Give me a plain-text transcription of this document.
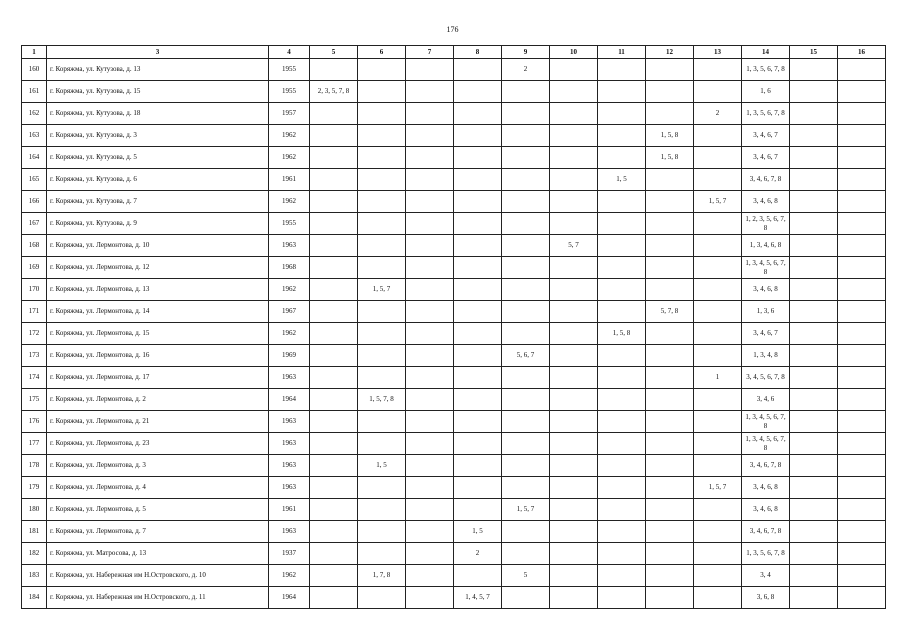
176
1	3	4	5	6	7	8	9	10	11	12	13	14	15	16
160	г. Коряжма, ул. Кутузова, д. 13	1955					2					1, 3, 5, 6, 7, 8		
161	г. Коряжма, ул. Кутузова, д. 15	1955	2, 3, 5, 7, 8									1, 6		
162	г. Коряжма, ул. Кутузова, д. 18	1957									2	1, 3, 5, 6, 7, 8		
163	г. Коряжма, ул. Кутузова, д. 3	1962								1, 5, 8		3, 4, 6, 7		
164	г. Коряжма, ул. Кутузова, д. 5	1962								1, 5, 8		3, 4, 6, 7		
165	г. Коряжма, ул. Кутузова, д. 6	1961							1, 5			3, 4, 6, 7, 8		
166	г. Коряжма, ул. Кутузова, д. 7	1962									1, 5, 7	3, 4, 6, 8		
167	г. Коряжма, ул. Кутузова, д. 9	1955										1, 2, 3, 5, 6, 7, 8		
168	г. Коряжма, ул. Лермонтова, д. 10	1963						5, 7				1, 3, 4, 6, 8		
169	г. Коряжма, ул. Лермонтова, д. 12	1968										1, 3, 4, 5, 6, 7, 8		
170	г. Коряжма, ул. Лермонтова, д. 13	1962		1, 5, 7								3, 4, 6, 8		
171	г. Коряжма, ул. Лермонтова, д. 14	1967								5, 7, 8		1, 3, 6		
172	г. Коряжма, ул. Лермонтова, д. 15	1962							1, 5, 8			3, 4, 6, 7		
173	г. Коряжма, ул. Лермонтова, д. 16	1969					5, 6, 7					1, 3, 4, 8		
174	г. Коряжма, ул. Лермонтова, д. 17	1963									1	3, 4, 5, 6, 7, 8		
175	г. Коряжма, ул. Лермонтова, д. 2	1964		1, 5, 7, 8								3, 4, 6		
176	г. Коряжма, ул. Лермонтова, д. 21	1963										1, 3, 4, 5, 6, 7, 8		
177	г. Коряжма, ул. Лермонтова, д. 23	1963										1, 3, 4, 5, 6, 7, 8		
178	г. Коряжма, ул. Лермонтова, д. 3	1963		1, 5								3, 4, 6, 7, 8		
179	г. Коряжма, ул. Лермонтова, д. 4	1963									1, 5, 7	3, 4, 6, 8		
180	г. Коряжма, ул. Лермонтова, д. 5	1961					1, 5, 7					3, 4, 6, 8		
181	г. Коряжма, ул. Лермонтова, д. 7	1963				1, 5						3, 4, 6, 7, 8		
182	г. Коряжма, ул. Матросова, д. 13	1937				2						1, 3, 5, 6, 7, 8		
183	г. Коряжма, ул. Набережная им Н.Островского, д. 10	1962		1, 7, 8			5					3, 4		
184	г. Коряжма, ул. Набережная им Н.Островского, д. 11	1964				1, 4, 5, 7						3, 6, 8		
